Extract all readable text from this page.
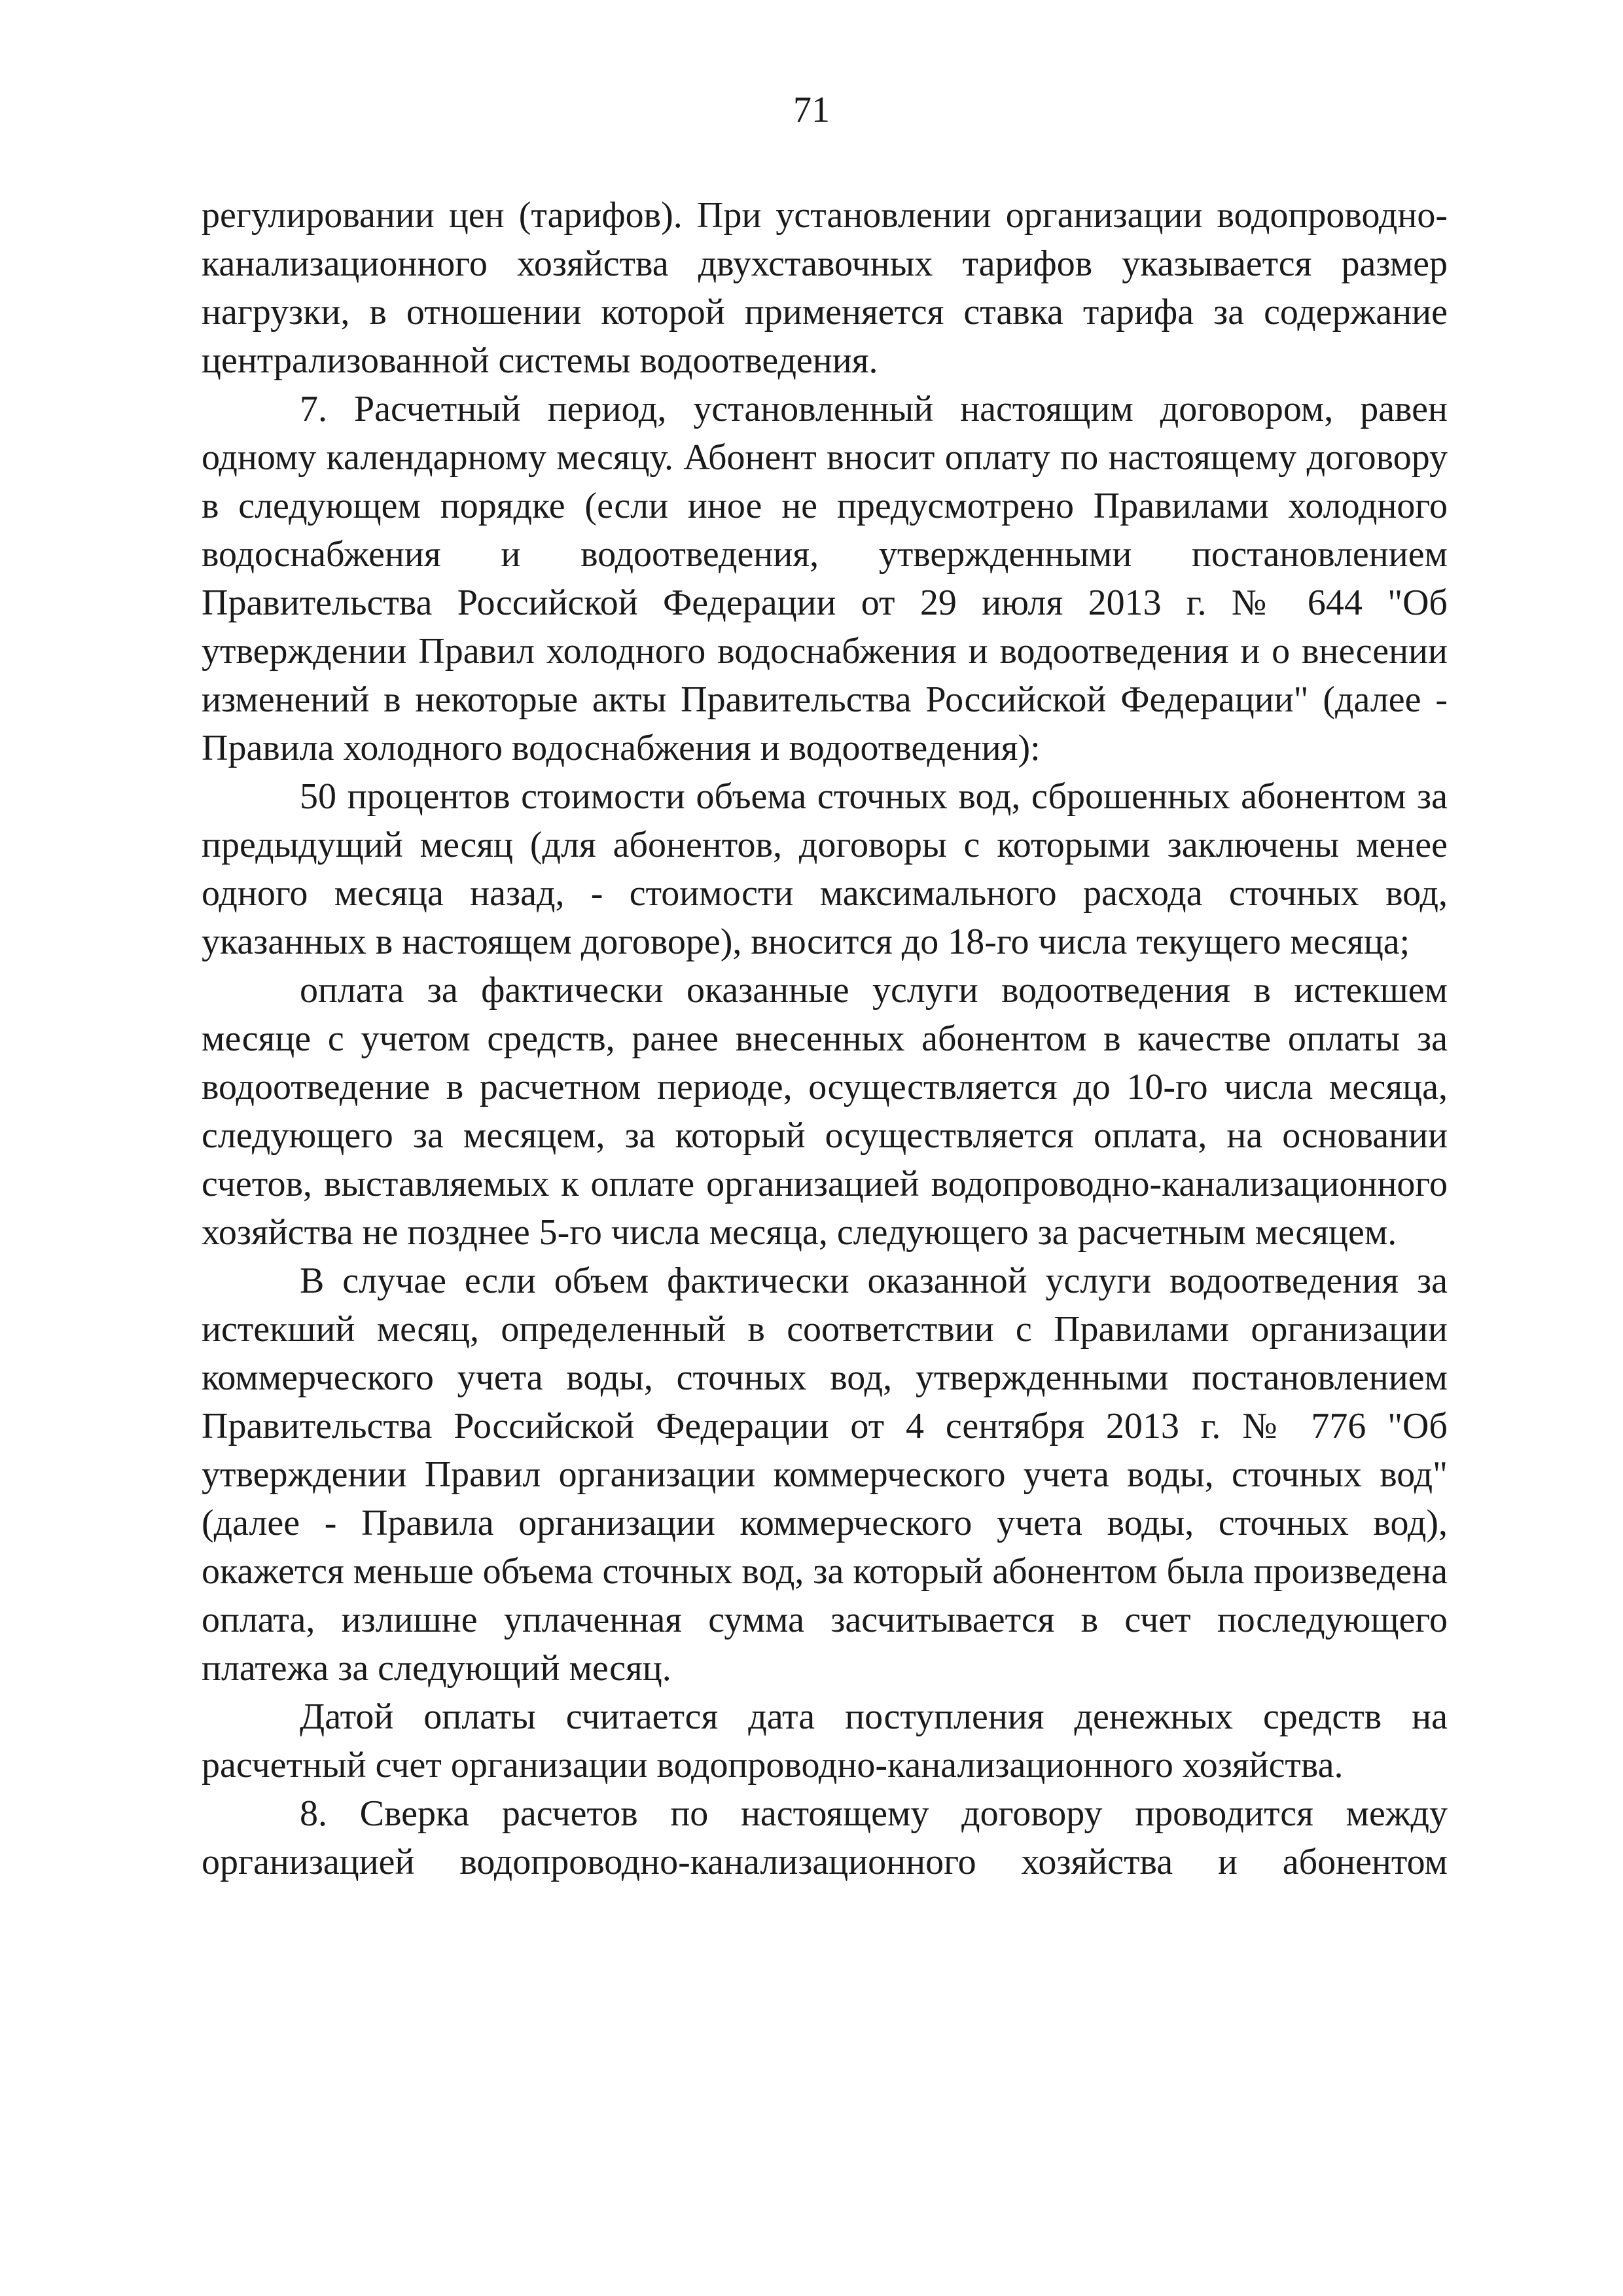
71

регулировании цен (тарифов). При установлении организации водопроводно-канализационного хозяйства двухставочных тарифов указывается размер нагрузки, в отношении которой применяется ставка тарифа за содержание централизованной системы водоотведения.

7. Расчетный период, установленный настоящим договором, равен одному календарному месяцу. Абонент вносит оплату по настоящему договору в следующем порядке (если иное не предусмотрено Правилами холодного водоснабжения и водоотведения, утвержденными постановлением Правительства Российской Федерации от 29 июля 2013 г. № 644 "Об утверждении Правил холодного водоснабжения и водоотведения и о внесении изменений в некоторые акты Правительства Российской Федерации" (далее - Правила холодного водоснабжения и водоотведения):

50 процентов стоимости объема сточных вод, сброшенных абонентом за предыдущий месяц (для абонентов, договоры с которыми заключены менее одного месяца назад, - стоимости максимального расхода сточных вод, указанных в настоящем договоре), вносится до 18-го числа текущего месяца;

оплата за фактически оказанные услуги водоотведения в истекшем месяце с учетом средств, ранее внесенных абонентом в качестве оплаты за водоотведение в расчетном периоде, осуществляется до 10-го числа месяца, следующего за месяцем, за который осуществляется оплата, на основании счетов, выставляемых к оплате организацией водопроводно-канализационного хозяйства не позднее 5-го числа месяца, следующего за расчетным месяцем.

В случае если объем фактически оказанной услуги водоотведения за истекший месяц, определенный в соответствии с Правилами организации коммерческого учета воды, сточных вод, утвержденными постановлением Правительства Российской Федерации от 4 сентября 2013 г. № 776 "Об утверждении Правил организации коммерческого учета воды, сточных вод" (далее - Правила организации коммерческого учета воды, сточных вод), окажется меньше объема сточных вод, за который абонентом была произведена оплата, излишне уплаченная сумма засчитывается в счет последующего платежа за следующий месяц.

Датой оплаты считается дата поступления денежных средств на расчетный счет организации водопроводно-канализационного хозяйства.

8. Сверка расчетов по настоящему договору проводится между организацией водопроводно-канализационного хозяйства и абонентом
